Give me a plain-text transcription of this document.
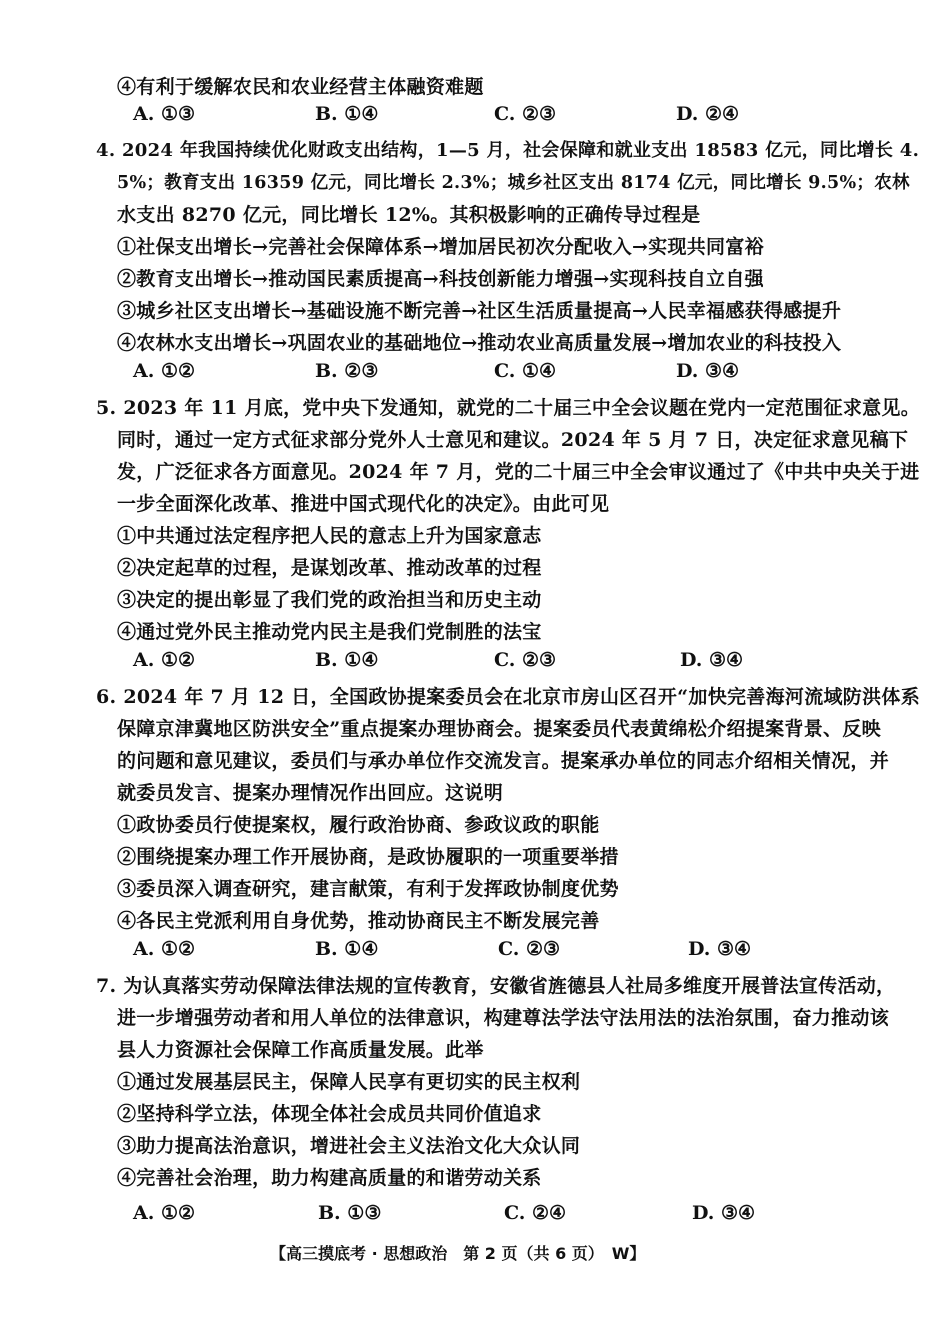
④有利于缓解农民和农业经营主体融资难题
A. ①③	B. ①④	C. ②③	D. ②④
4. 2024 年我国持续优化财政支出结构，1—5 月，社会保障和就业支出 18583 亿元，同比增长 4.
5%；教育支出 16359 亿元，同比增长 2.3%；城乡社区支出 8174 亿元，同比增长 9.5%；农林
水支出 8270 亿元，同比增长 12%。其积极影响的正确传导过程是
①社保支出增长→完善社会保障体系→增加居民初次分配收入→实现共同富裕
②教育支出增长→推动国民素质提高→科技创新能力增强→实现科技自立自强
③城乡社区支出增长→基础设施不断完善→社区生活质量提高→人民幸福感获得感提升
④农林水支出增长→巩固农业的基础地位→推动农业高质量发展→增加农业的科技投入
A. ①②	B. ②③	C. ①④	D. ③④
5. 2023 年 11 月底，党中央下发通知，就党的二十届三中全会议题在党内一定范围征求意见。
同时，通过一定方式征求部分党外人士意见和建议。2024 年 5 月 7 日，决定征求意见稿下
发，广泛征求各方面意见。2024 年 7 月，党的二十届三中全会审议通过了《中共中央关于进
一步全面深化改革、推进中国式现代化的决定》。由此可见
①中共通过法定程序把人民的意志上升为国家意志
②决定起草的过程，是谋划改革、推动改革的过程
③决定的提出彰显了我们党的政治担当和历史主动
④通过党外民主推动党内民主是我们党制胜的法宝
A. ①②	B. ①④	C. ②③	D. ③④
6. 2024 年 7 月 12 日，全国政协提案委员会在北京市房山区召开“加快完善海河流域防洪体系
保障京津冀地区防洪安全”重点提案办理协商会。提案委员代表黄绵松介绍提案背景、反映
的问题和意见建议，委员们与承办单位作交流发言。提案承办单位的同志介绍相关情况，并
就委员发言、提案办理情况作出回应。这说明
①政协委员行使提案权，履行政治协商、参政议政的职能
②围绕提案办理工作开展协商，是政协履职的一项重要举措
③委员深入调查研究，建言献策，有利于发挥政协制度优势
④各民主党派利用自身优势，推动协商民主不断发展完善
A. ①②	B. ①④	C. ②③	D. ③④
7. 为认真落实劳动保障法律法规的宣传教育，安徽省旌德县人社局多维度开展普法宣传活动，
进一步增强劳动者和用人单位的法律意识，构建尊法学法守法用法的法治氛围，奋力推动该
县人力资源社会保障工作高质量发展。此举
①通过发展基层民主，保障人民享有更切实的民主权利
②坚持科学立法，体现全体社会成员共同价值追求
③助力提高法治意识，增进社会主义法治文化大众认同
④完善社会治理，助力构建高质量的和谐劳动关系
A. ①②	B. ①③	C. ②④	D. ③④
【高三摸底考 · 思想政治　第 2 页（共 6 页）　W】
